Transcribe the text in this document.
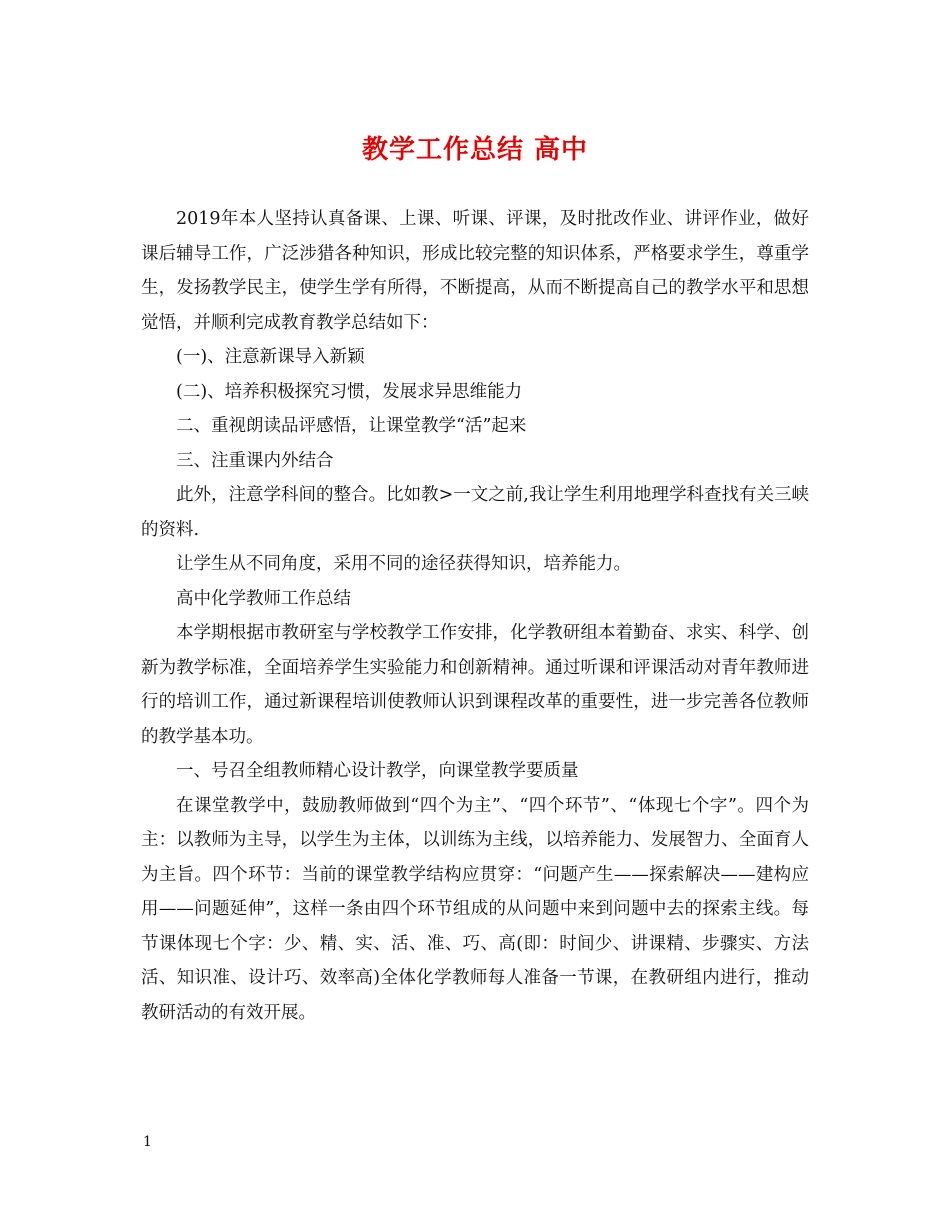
教学工作总结 高中

2019年本人坚持认真备课、上课、听课、评课，及时批改作业、讲评作业，做好课后辅导工作，广泛涉猎各种知识，形成比较完整的知识体系，严格要求学生，尊重学生，发扬教学民主，使学生学有所得，不断提高，从而不断提高自己的教学水平和思想觉悟，并顺利完成教育教学总结如下：

(一)、注意新课导入新颖

(二)、培养积极探究习惯，发展求异思维能力

二、重视朗读品评感悟，让课堂教学“活”起来

三、注重课内外结合

此外，注意学科间的整合。比如教>一文之前,我让学生利用地理学科查找有关三峡的资料.

让学生从不同角度，采用不同的途径获得知识，培养能力。

高中化学教师工作总结

本学期根据市教研室与学校教学工作安排，化学教研组本着勤奋、求实、科学、创新为教学标准，全面培养学生实验能力和创新精神。通过听课和评课活动对青年教师进行的培训工作，通过新课程培训使教师认识到课程改革的重要性，进一步完善各位教师的教学基本功。

一、号召全组教师精心设计教学，向课堂教学要质量

在课堂教学中，鼓励教师做到“四个为主”、“四个环节”、“体现七个字”。四个为主：以教师为主导，以学生为主体，以训练为主线，以培养能力、发展智力、全面育人为主旨。四个环节：当前的课堂教学结构应贯穿：“问题产生——探索解决——建构应用——问题延伸”，这样一条由四个环节组成的从问题中来到问题中去的探索主线。每节课体现七个字：少、精、实、活、准、巧、高(即：时间少、讲课精、步骤实、方法活、知识准、设计巧、效率高)全体化学教师每人准备一节课，在教研组内进行，推动教研活动的有效开展。

1
